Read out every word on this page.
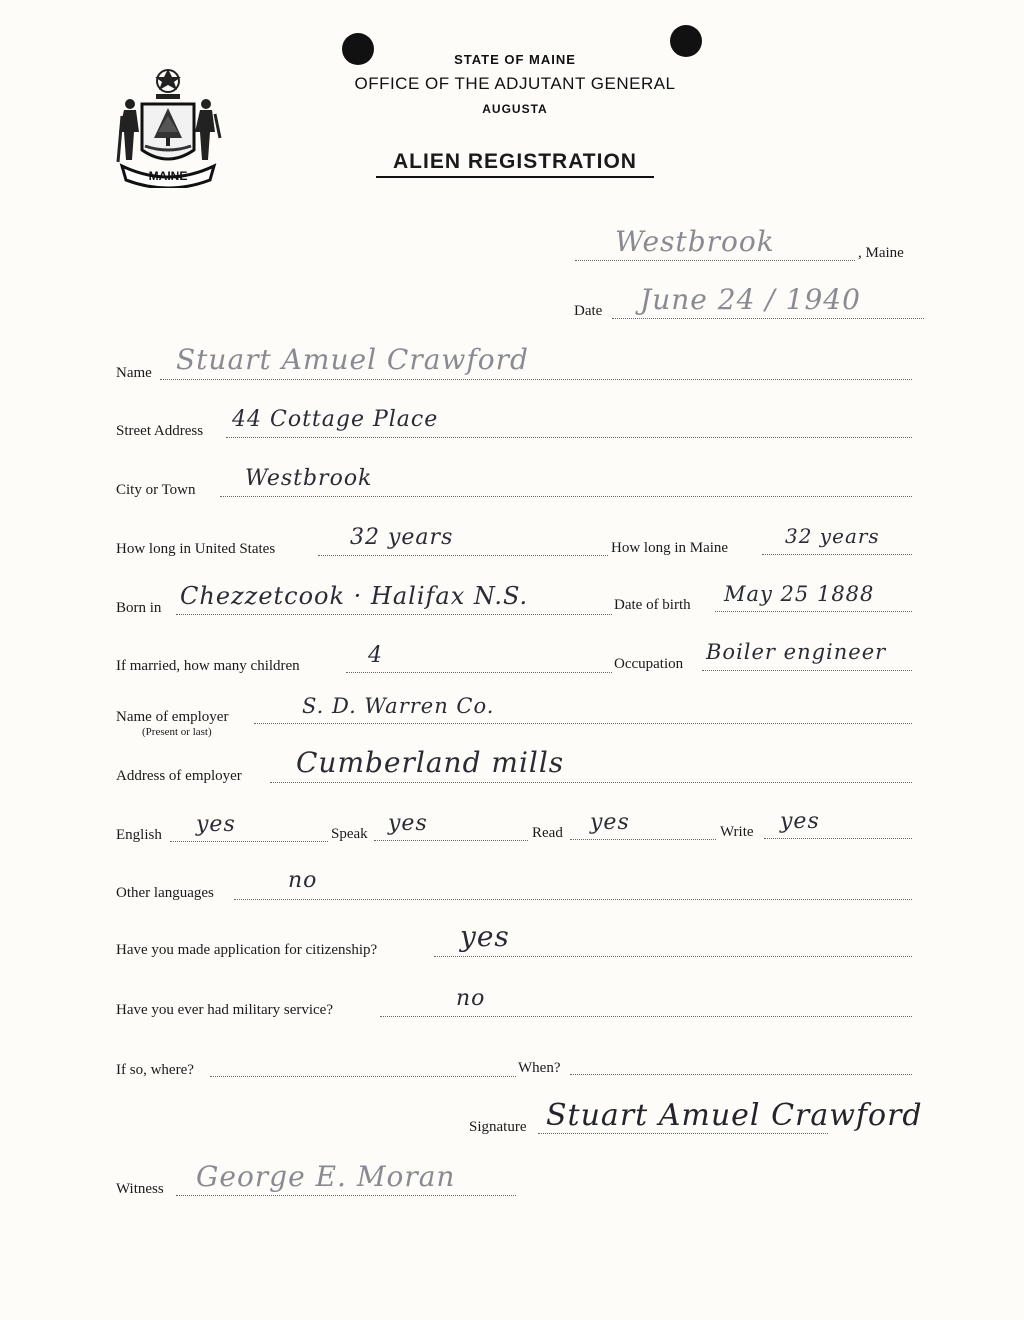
MAINE
STATE OF MAINE
OFFICE OF THE ADJUTANT GENERAL
AUGUSTA
ALIEN REGISTRATION
Westbrook	, Maine
Date June 24 / 1940
Name Stuart Amuel Crawford
Street Address 44 Cottage Place
City or Town Westbrook
How long in United States	32 years	How long in Maine	32 years
Born in Chezzetcook · Halifax N.S.	Date of birth May 25 1888
If married, how many children	4	Occupation Boiler engineer
Name of employer
(Present or last)
S. D. Warren Co.
Address of employer Cumberland mills
English yes	Speak yes	Read yes	Write yes
Other languages	no
Have you made application for citizenship?	yes
Have you ever had military service?	no
If so, where?	When?
Signature Stuart Amuel Crawford
Witness George E. Moran
